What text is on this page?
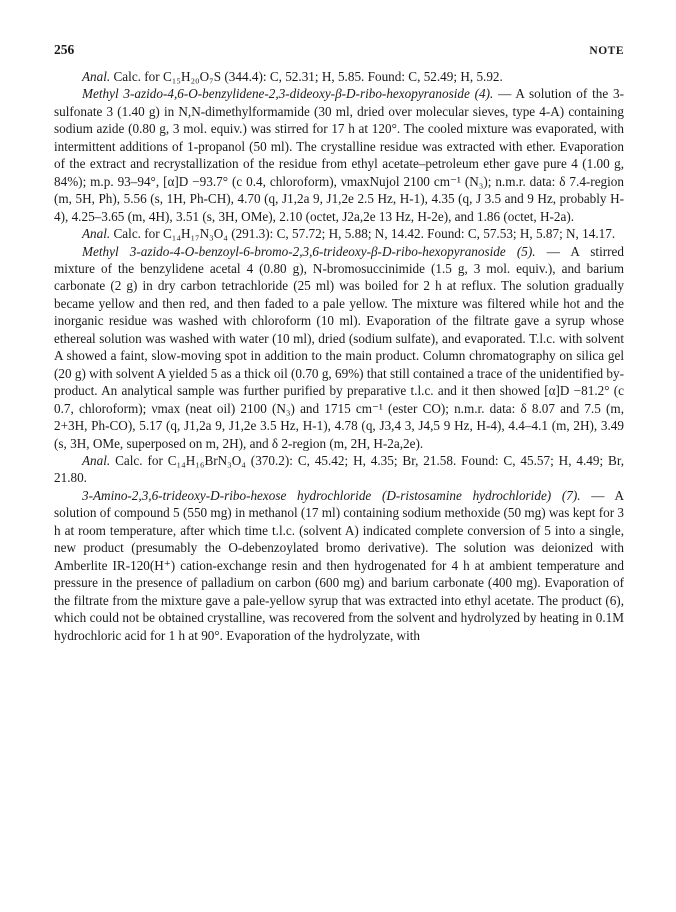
256	NOTE

Anal. Calc. for C₁₅H₂₀O₇S (344.4): C, 52.31; H, 5.85. Found: C, 52.49; H, 5.92.

Methyl 3-azido-4,6-O-benzylidene-2,3-dideoxy-β-D-ribo-hexopyranoside (4). — A solution of the 3-sulfonate 3 (1.40 g) in N,N-dimethylformamide (30 ml, dried over molecular sieves, type 4-A) containing sodium azide (0.80 g, 3 mol. equiv.) was stirred for 17 h at 120°. The cooled mixture was evaporated, with intermittent additions of 1-propanol (50 ml). The crystalline residue was extracted with ether. Evaporation of the extract and recrystallization of the residue from ethyl acetate–petroleum ether gave pure 4 (1.00 g, 84%); m.p. 93–94°, [α]D −93.7° (c 0.4, chloroform), νmaxNujol 2100 cm⁻¹ (N₃); n.m.r. data: δ 7.4-region (m, 5H, Ph), 5.56 (s, 1H, Ph-CH), 4.70 (q, J1,2a 9, J1,2e 2.5 Hz, H-1), 4.35 (q, J 3.5 and 9 Hz, probably H-4), 4.25–3.65 (m, 4H), 3.51 (s, 3H, OMe), 2.10 (octet, J2a,2e 13 Hz, H-2e), and 1.86 (octet, H-2a).

Anal. Calc. for C₁₄H₁₇N₃O₄ (291.3): C, 57.72; H, 5.88; N, 14.42. Found: C, 57.53; H, 5.87; N, 14.17.

Methyl 3-azido-4-O-benzoyl-6-bromo-2,3,6-trideoxy-β-D-ribo-hexopyranoside (5). — A stirred mixture of the benzylidene acetal 4 (0.80 g), N-bromosuccinimide (1.5 g, 3 mol. equiv.), and barium carbonate (2 g) in dry carbon tetrachloride (25 ml) was boiled for 2 h at reflux. The solution gradually became yellow and then red, and then faded to a pale yellow. The mixture was filtered while hot and the inorganic residue was washed with chloroform (10 ml). Evaporation of the filtrate gave a syrup whose ethereal solution was washed with water (10 ml), dried (sodium sulfate), and evaporated. T.l.c. with solvent A showed a faint, slow-moving spot in addition to the main product. Column chromatography on silica gel (20 g) with solvent A yielded 5 as a thick oil (0.70 g, 69%) that still contained a trace of the unidentified by-product. An analytical sample was further purified by preparative t.l.c. and it then showed [α]D −81.2° (c 0.7, chloroform); νmax (neat oil) 2100 (N₃) and 1715 cm⁻¹ (ester CO); n.m.r. data: δ 8.07 and 7.5 (m, 2+3H, Ph-CO), 5.17 (q, J1,2a 9, J1,2e 3.5 Hz, H-1), 4.78 (q, J3,4 3, J4,5 9 Hz, H-4), 4.4–4.1 (m, 2H), 3.49 (s, 3H, OMe, superposed on m, 2H), and δ 2-region (m, 2H, H-2a,2e).

Anal. Calc. for C₁₄H₁₆BrN₃O₄ (370.2): C, 45.42; H, 4.35; Br, 21.58. Found: C, 45.57; H, 4.49; Br, 21.80.

3-Amino-2,3,6-trideoxy-D-ribo-hexose hydrochloride (D-ristosamine hydrochloride) (7). — A solution of compound 5 (550 mg) in methanol (17 ml) containing sodium methoxide (50 mg) was kept for 3 h at room temperature, after which time t.l.c. (solvent A) indicated complete conversion of 5 into a single, new product (presumably the O-debenzoylated bromo derivative). The solution was deionized with Amberlite IR-120(H⁺) cation-exchange resin and then hydrogenated for 4 h at ambient temperature and pressure in the presence of palladium on carbon (600 mg) and barium carbonate (400 mg). Evaporation of the filtrate from the mixture gave a pale-yellow syrup that was extracted into ethyl acetate. The product (6), which could not be obtained crystalline, was recovered from the solvent and hydrolyzed by heating in 0.1M hydrochloric acid for 1 h at 90°. Evaporation of the hydrolyzate, with
